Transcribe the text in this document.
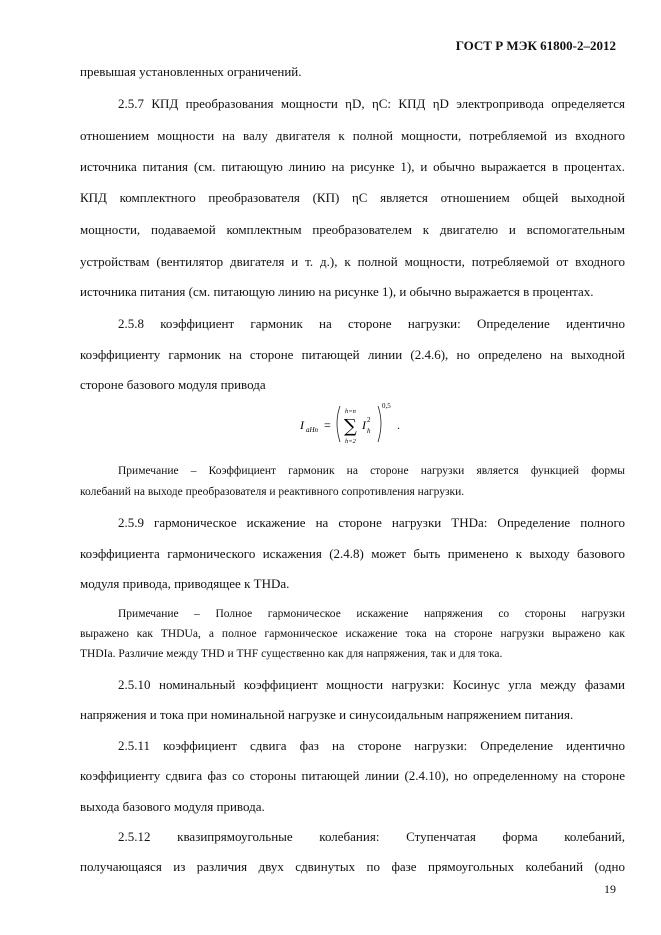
ГОСТ Р МЭК 61800-2–2012
превышая установленных ограничений.
2.5.7 КПД преобразования мощности ηD, ηC: КПД ηD электропривода определяется
отношением мощности на валу двигателя к полной мощности, потребляемой из входного
источника питания (см. питающую линию на рисунке 1), и обычно выражается в процентах.
КПД комплектного преобразователя (КП) ηC является отношением общей выходной
мощности, подаваемой комплектным преобразователем к двигателю и вспомогательным
устройствам (вентилятор двигателя и т. д.), к полной мощности, потребляемой от входного
источника питания (см. питающую линию на рисунке 1), и обычно выражается в процентах.
2.5.8 коэффициент гармоник на стороне нагрузки: Определение идентично
коэффициенту гармоник на стороне питающей линии (2.4.6), но определено на выходной
стороне базового модуля привода
I aHn =
h=n
∑
h=2
I 2
h
0,5
.
Примечание – Коэффициент гармоник на стороне нагрузки является функцией формы
колебаний на выходе преобразователя и реактивного сопротивления нагрузки.
2.5.9 гармоническое искажение на стороне нагрузки THDa: Определение полного
коэффициента гармонического искажения (2.4.8) может быть применено к выходу базового
модуля привода, приводящее к THDa.
Примечание – Полное гармоническое искажение напряжения со стороны нагрузки
выражено как THDUa, а полное гармоническое искажение тока на стороне нагрузки выражено как
THDIa. Различие между THD и THF существенно как для напряжения, так и для тока.
2.5.10 номинальный коэффициент мощности нагрузки: Косинус угла между фазами
напряжения и тока при номинальной нагрузке и синусоидальным напряжением питания.
2.5.11 коэффициент сдвига фаз на стороне нагрузки: Определение идентично
коэффициенту сдвига фаз со стороны питающей линии (2.4.10), но определенному на стороне
выхода базового модуля привода.
2.5.12 квазипрямоугольные колебания: Ступенчатая форма колебаний,
получающаяся из различия двух сдвинутых по фазе прямоугольных колебаний (одно
19
